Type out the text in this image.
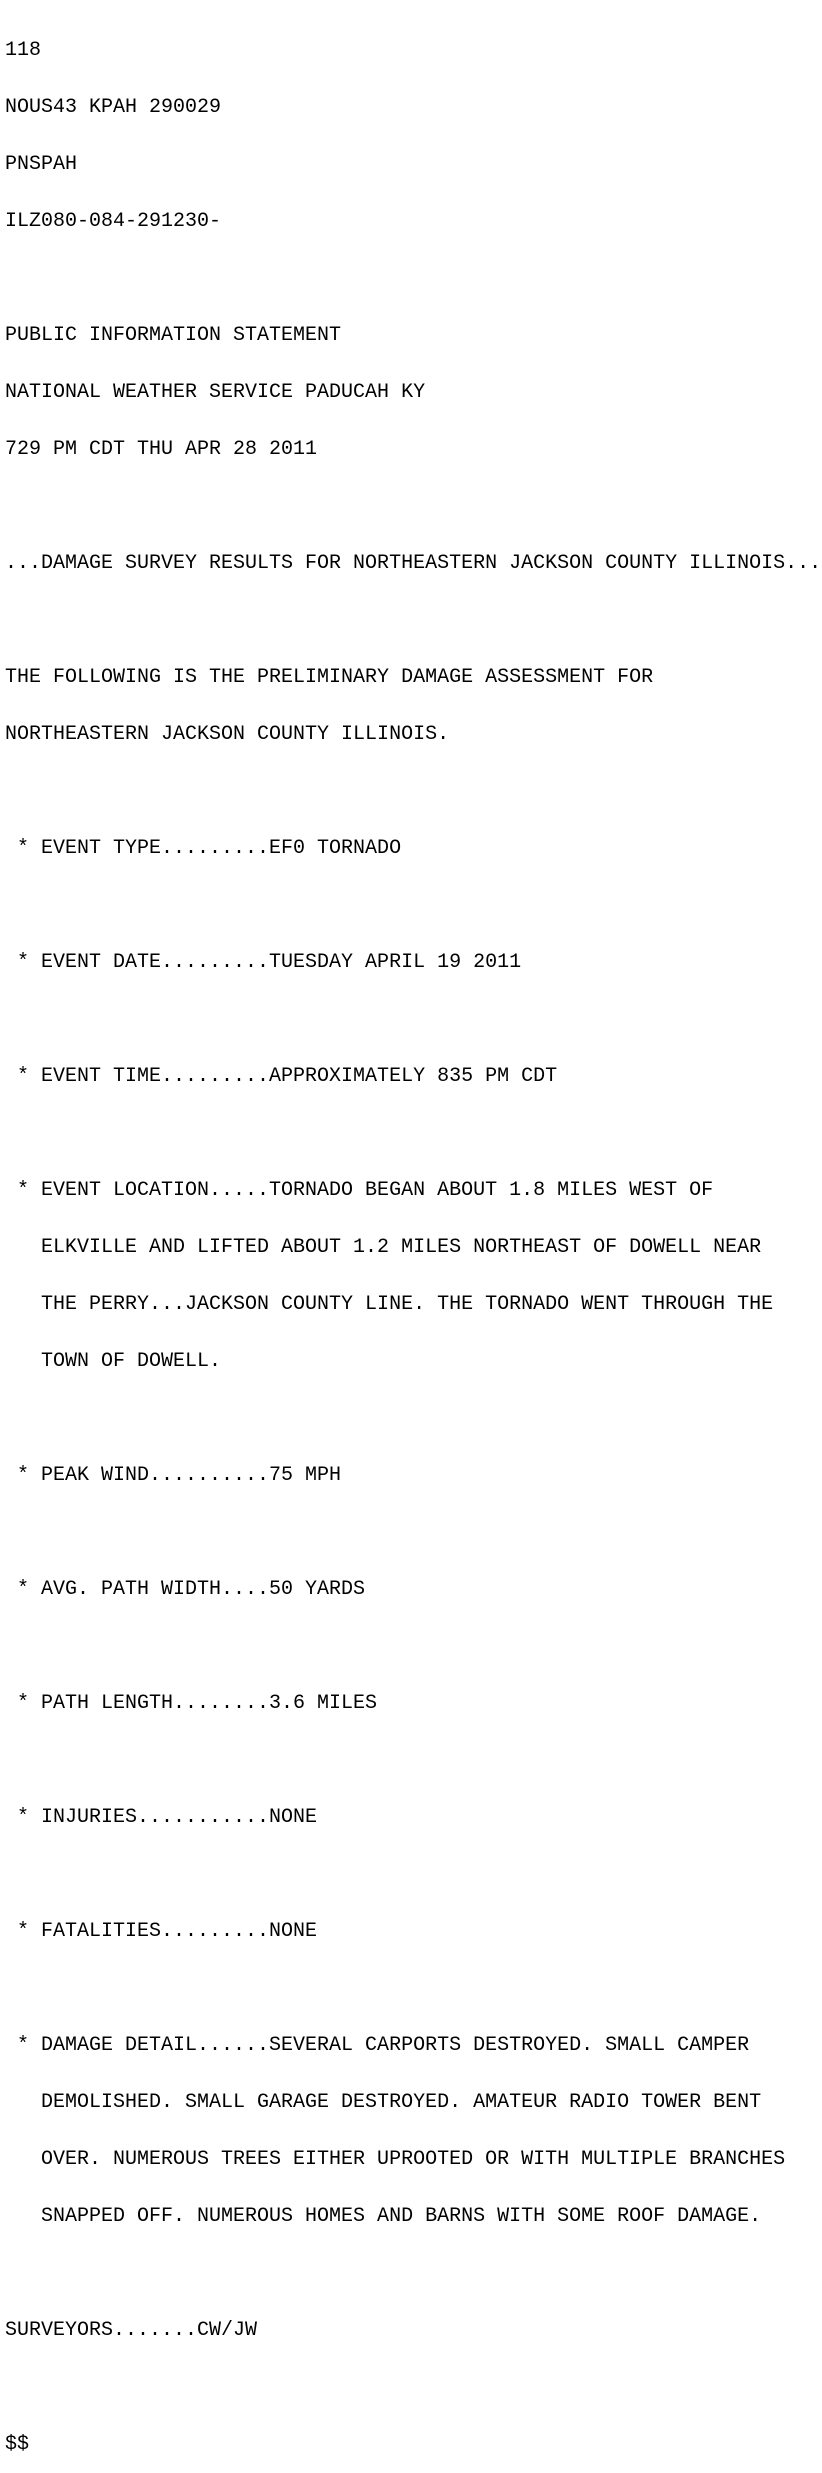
118

NOUS43 KPAH 290029

PNSPAH

ILZ080-084-291230-

PUBLIC INFORMATION STATEMENT

NATIONAL WEATHER SERVICE PADUCAH KY

729 PM CDT THU APR 28 2011

...DAMAGE SURVEY RESULTS FOR NORTHEASTERN JACKSON COUNTY ILLINOIS...

THE FOLLOWING IS THE PRELIMINARY DAMAGE ASSESSMENT FOR

NORTHEASTERN JACKSON COUNTY ILLINOIS.

* EVENT TYPE.........EF0 TORNADO

* EVENT DATE.........TUESDAY APRIL 19 2011

* EVENT TIME.........APPROXIMATELY 835 PM CDT

* EVENT LOCATION.....TORNADO BEGAN ABOUT 1.8 MILES WEST OF

ELKVILLE AND LIFTED ABOUT 1.2 MILES NORTHEAST OF DOWELL NEAR

THE PERRY...JACKSON COUNTY LINE. THE TORNADO WENT THROUGH THE

TOWN OF DOWELL.

* PEAK WIND..........75 MPH

* AVG. PATH WIDTH....50 YARDS

* PATH LENGTH........3.6 MILES

* INJURIES...........NONE

* FATALITIES.........NONE

* DAMAGE DETAIL......SEVERAL CARPORTS DESTROYED. SMALL CAMPER

DEMOLISHED. SMALL GARAGE DESTROYED. AMATEUR RADIO TOWER BENT

OVER. NUMEROUS TREES EITHER UPROOTED OR WITH MULTIPLE BRANCHES

SNAPPED OFF. NUMEROUS HOMES AND BARNS WITH SOME ROOF DAMAGE.

SURVEYORS.......CW/JW

$$
